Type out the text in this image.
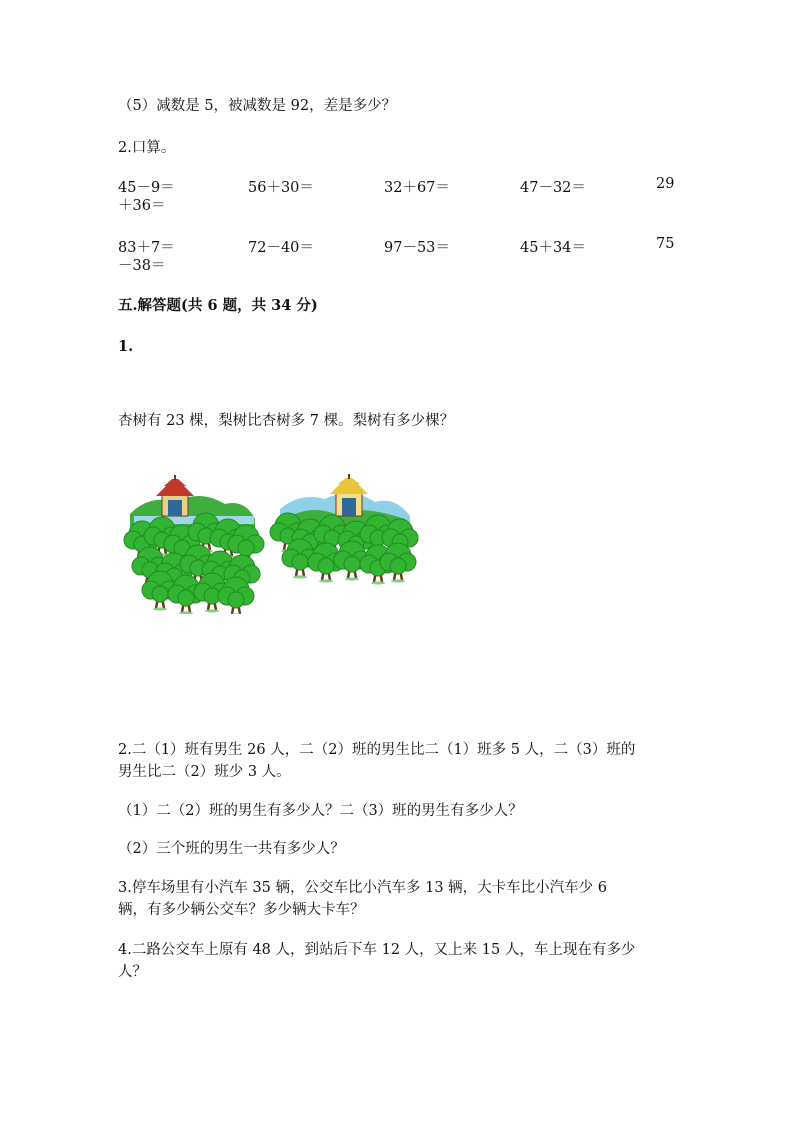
（5）减数是 5，被减数是 92，差是多少？
2.口算。
45－9＝	56＋30＝	32＋67＝	47－32＝	29
＋36＝
83＋7＝	72－40＝	97－53＝	45＋34＝	75
－38＝
五.解答题(共 6 题，共 34 分)
1.
杏树有 23 棵，梨树比杏树多 7 棵。梨树有多少棵？
2.二（1）班有男生 26 人，二（2）班的男生比二（1）班多 5 人，二（3）班的
男生比二（2）班少 3 人。
（1）二（2）班的男生有多少人？二（3）班的男生有多少人？
（2）三个班的男生一共有多少人？
3.停车场里有小汽车 35 辆，公交车比小汽车多 13 辆，大卡车比小汽车少 6
辆，有多少辆公交车？多少辆大卡车？
4.二路公交车上原有 48 人，到站后下车 12 人，又上来 15 人，车上现在有多少
人？
